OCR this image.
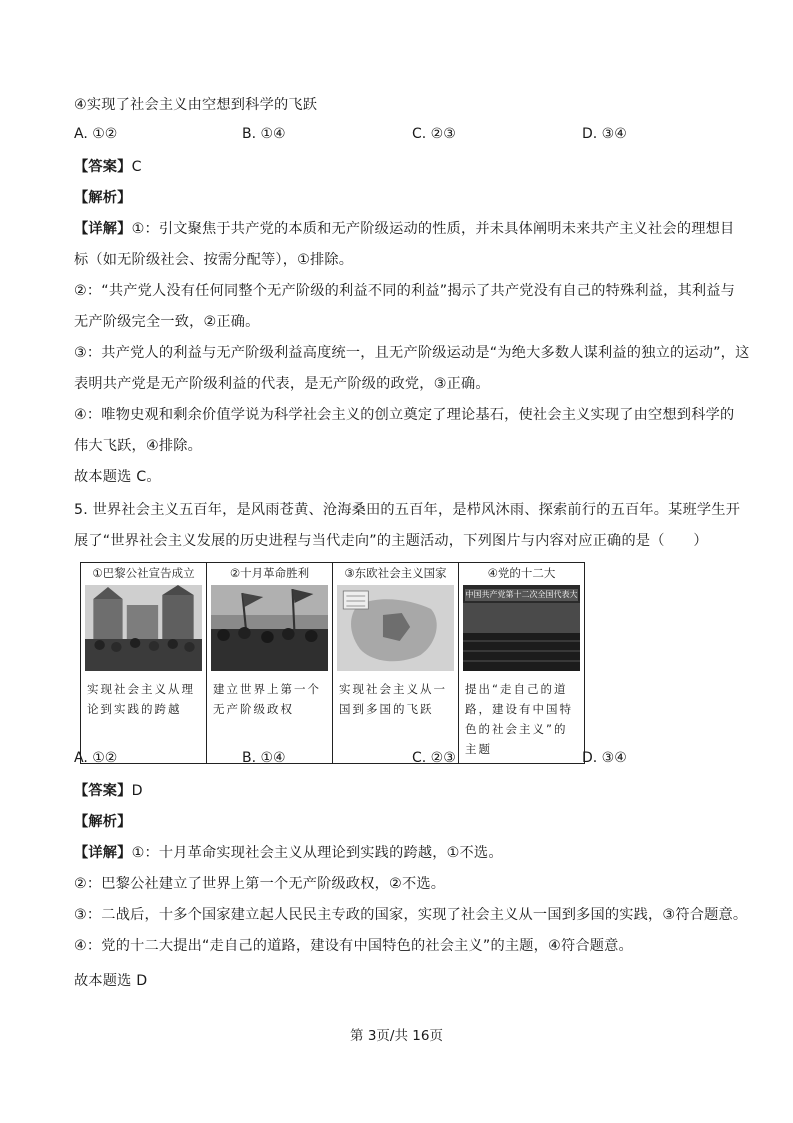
④实现了社会主义由空想到科学的飞跃
A. ①②	B. ①④	C. ②③	D. ③④
【答案】C
【解析】
【详解】①：引文聚焦于共产党的本质和无产阶级运动的性质，并未具体阐明未来共产主义社会的理想目
标（如无阶级社会、按需分配等），①排除。
②：“共产党人没有任何同整个无产阶级的利益不同的利益”揭示了共产党没有自己的特殊利益，其利益与
无产阶级完全一致，②正确。
③：共产党人的利益与无产阶级利益高度统一，且无产阶级运动是“为绝大多数人谋利益的独立的运动”，这
表明共产党是无产阶级利益的代表，是无产阶级的政党，③正确。
④：唯物史观和剩余价值学说为科学社会主义的创立奠定了理论基石，使社会主义实现了由空想到科学的
伟大飞跃，④排除。
故本题选 C。
5. 世界社会主义五百年，是风雨苍黄、沧海桑田的五百年，是栉风沐雨、探索前行的五百年。某班学生开
展了“世界社会主义发展的历史进程与当代走向”的主题活动，下列图片与内容对应正确的是（　　）
①巴黎公社宣告成立
实现社会主义从理论到实践的跨越

②十月革命胜利
建立世界上第一个无产阶级政权

③东欧社会主义国家
实现社会主义从一国到多国的飞跃

④党的十二大
中国共产党第十二次全国代表大
提出“走自己的道路，建设有中国特色的社会主义”的主题
A. ①②	B. ①④	C. ②③	D. ③④
【答案】D
【解析】
【详解】①：十月革命实现社会主义从理论到实践的跨越，①不选。
②：巴黎公社建立了世界上第一个无产阶级政权，②不选。
③：二战后，十多个国家建立起人民民主专政的国家，实现了社会主义从一国到多国的实践，③符合题意。
④：党的十二大提出“走自己的道路，建设有中国特色的社会主义”的主题，④符合题意。
故本题选 D
第 3页/共 16页
